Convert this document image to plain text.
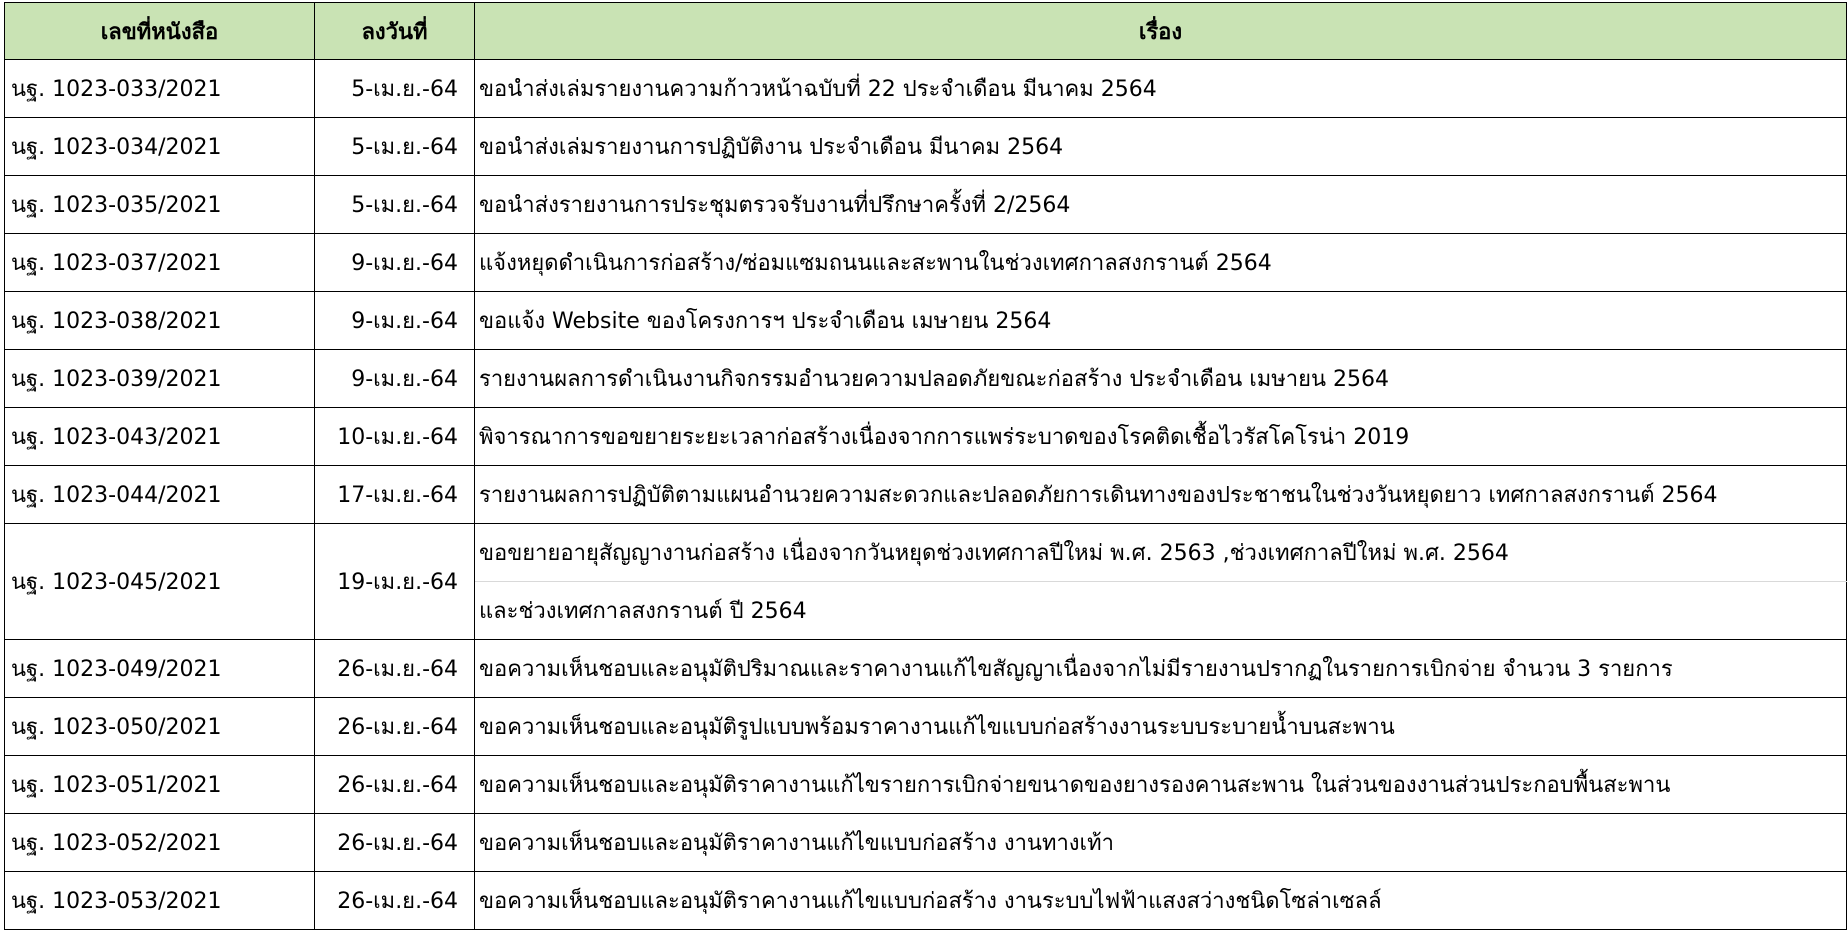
เลขที่หนังสือ	ลงวันที่	เรื่อง
นฐ. 1023-033/2021	5-เม.ย.-64	ขอนำส่งเล่มรายงานความก้าวหน้าฉบับที่ 22 ประจำเดือน มีนาคม 2564
นฐ. 1023-034/2021	5-เม.ย.-64	ขอนำส่งเล่มรายงานการปฏิบัติงาน ประจำเดือน มีนาคม 2564
นฐ. 1023-035/2021	5-เม.ย.-64	ขอนำส่งรายงานการประชุมตรวจรับงานที่ปรึกษาครั้งที่ 2/2564
นฐ. 1023-037/2021	9-เม.ย.-64	แจ้งหยุดดำเนินการก่อสร้าง/ซ่อมแซมถนนและสะพานในช่วงเทศกาลสงกรานต์ 2564
นฐ. 1023-038/2021	9-เม.ย.-64	ขอแจ้ง Website ของโครงการฯ ประจำเดือน เมษายน 2564
นฐ. 1023-039/2021	9-เม.ย.-64	รายงานผลการดำเนินงานกิจกรรมอำนวยความปลอดภัยขณะก่อสร้าง ประจำเดือน เมษายน 2564
นฐ. 1023-043/2021	10-เม.ย.-64	พิจารณาการขอขยายระยะเวลาก่อสร้างเนื่องจากการแพร่ระบาดของโรคติดเชื้อไวรัสโคโรน่า 2019
นฐ. 1023-044/2021	17-เม.ย.-64	รายงานผลการปฏิบัติตามแผนอำนวยความสะดวกและปลอดภัยการเดินทางของประชาชนในช่วงวันหยุดยาว เทศกาลสงกรานต์ 2564
นฐ. 1023-045/2021	19-เม.ย.-64	ขอขยายอายุสัญญางานก่อสร้าง เนื่องจากวันหยุดช่วงเทศกาลปีใหม่ พ.ศ. 2563 ,ช่วงเทศกาลปีใหม่ พ.ศ. 2564
		และช่วงเทศกาลสงกรานต์ ปี 2564
นฐ. 1023-049/2021	26-เม.ย.-64	ขอความเห็นชอบและอนุมัติปริมาณและราคางานแก้ไขสัญญาเนื่องจากไม่มีรายงานปรากฏในรายการเบิกจ่าย จำนวน 3 รายการ
นฐ. 1023-050/2021	26-เม.ย.-64	ขอความเห็นชอบและอนุมัติรูปแบบพร้อมราคางานแก้ไขแบบก่อสร้างงานระบบระบายน้ำบนสะพาน
นฐ. 1023-051/2021	26-เม.ย.-64	ขอความเห็นชอบและอนุมัติราคางานแก้ไขรายการเบิกจ่ายขนาดของยางรองคานสะพาน ในส่วนของงานส่วนประกอบพื้นสะพาน
นฐ. 1023-052/2021	26-เม.ย.-64	ขอความเห็นชอบและอนุมัติราคางานแก้ไขแบบก่อสร้าง งานทางเท้า
นฐ. 1023-053/2021	26-เม.ย.-64	ขอความเห็นชอบและอนุมัติราคางานแก้ไขแบบก่อสร้าง งานระบบไฟฟ้าแสงสว่างชนิดโซล่าเซลล์
